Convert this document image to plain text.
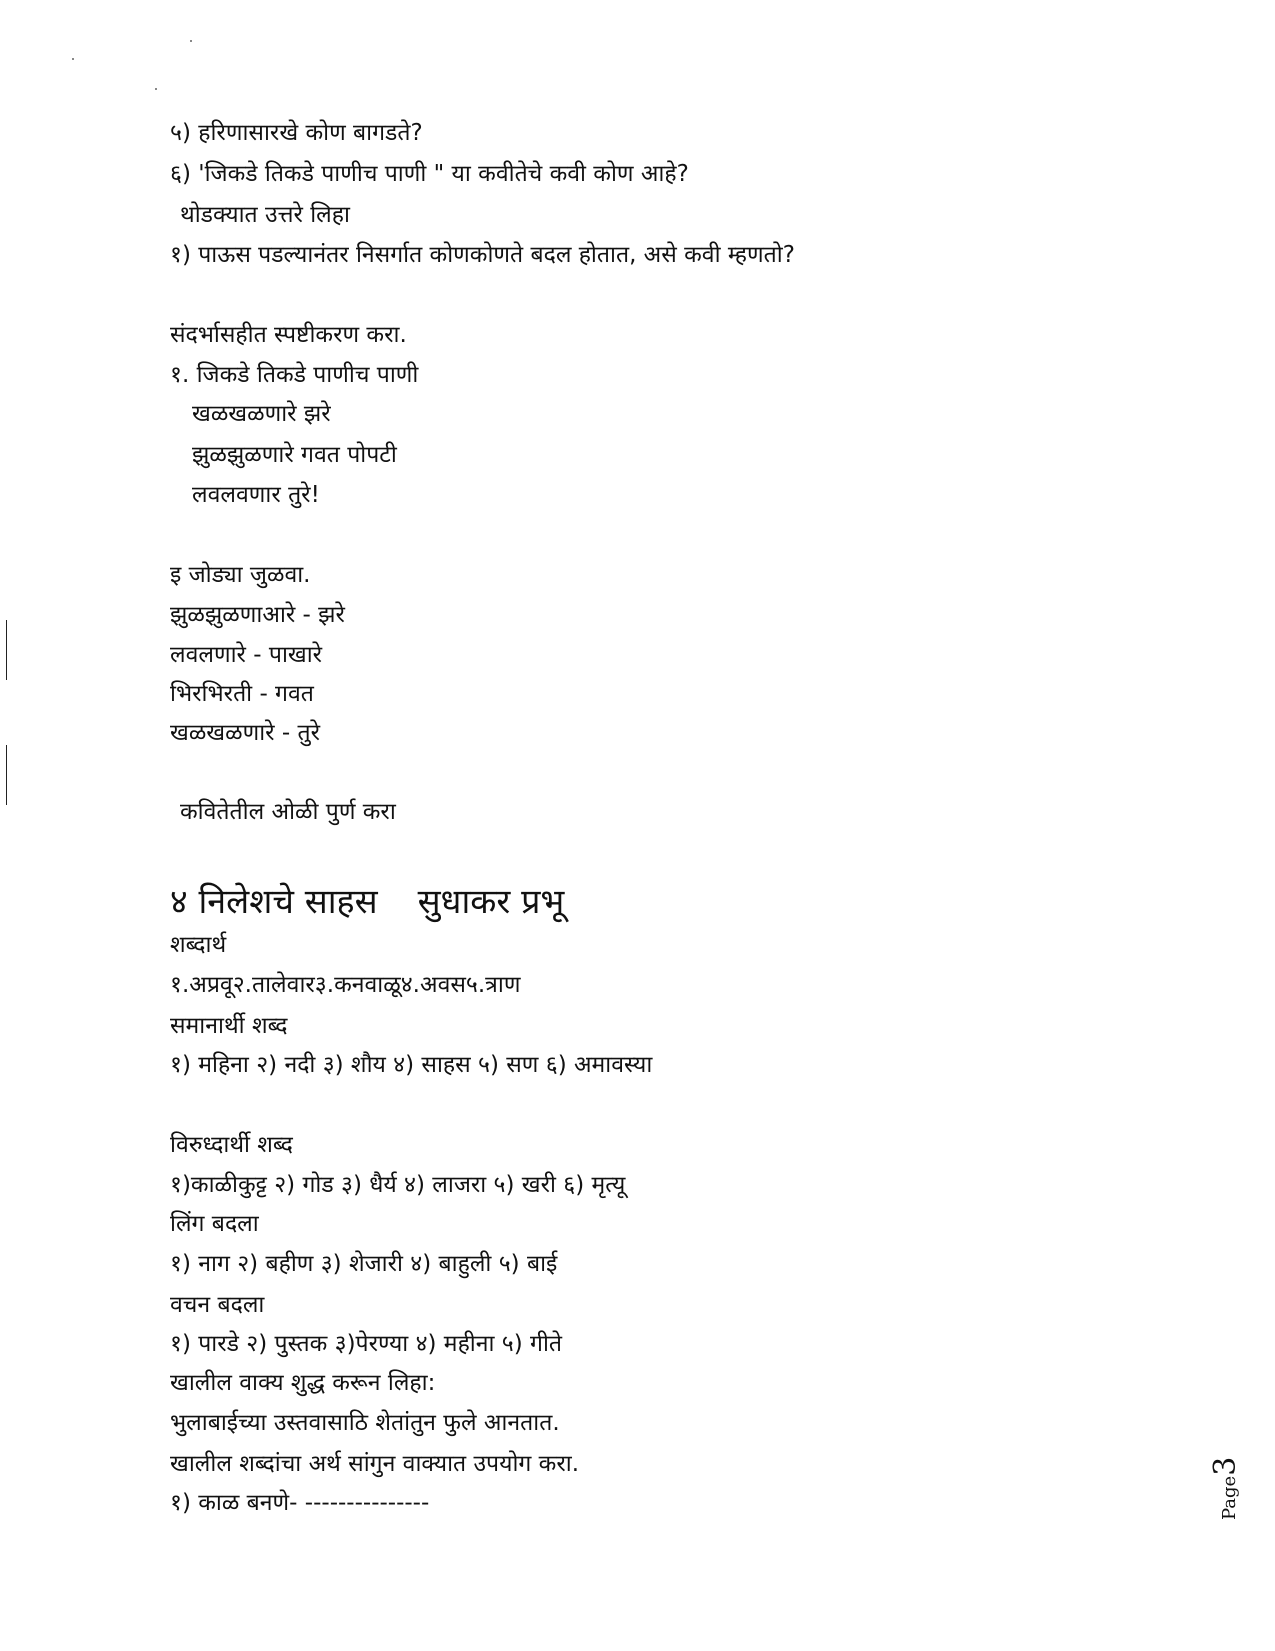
५) हरिणासारखे कोण बागडते?
६) 'जिकडे तिकडे पाणीच पाणी " या कवीतेचे कवी कोण आहे?
थोडक्यात उत्तरे लिहा
१) पाऊस पडल्यानंतर निसर्गात कोणकोणते बदल होतात, असे कवी म्हणतो?
संदर्भासहीत स्पष्टीकरण करा.
१. जिकडे तिकडे पाणीच पाणी
खळखळणारे झरे
झुळझुळणारे गवत पोपटी
लवलवणार तुरे!
इ जोड्या जुळवा.
झुळझुळणाआरे - झरे
लवलणारे - पाखारे
भिरभिरती - गवत
खळखळणारे - तुरे
कवितेतील ओळी पुर्ण करा
४ निलेशचे साहस सुधाकर प्रभू
शब्दार्थ
१.अप्रवू२.तालेवार३.कनवाळू४.अवस५.त्राण
समानार्थी शब्द
१) महिना २) नदी ३) शौय ४) साहस ५) सण ६) अमावस्या
विरुध्दार्थी शब्द
१)काळीकुट्ट २) गोड ३) धैर्य ४) लाजरा ५) खरी ६) मृत्यू
लिंग बदला
१) नाग २) बहीण ३) शेजारी ४) बाहुली ५) बाई
वचन बदला
१) पारडे २) पुस्तक ३)पेरण्या ४) महीना ५) गीते
खालील वाक्य शुद्ध करून लिहा:
भुलाबाईच्या उस्तवासाठि शेतांतुन फुले आनतात.
खालील शब्दांचा अर्थ सांगुन वाक्यात उपयोग करा.
१) काळ बनणे- ---------------	Page3
